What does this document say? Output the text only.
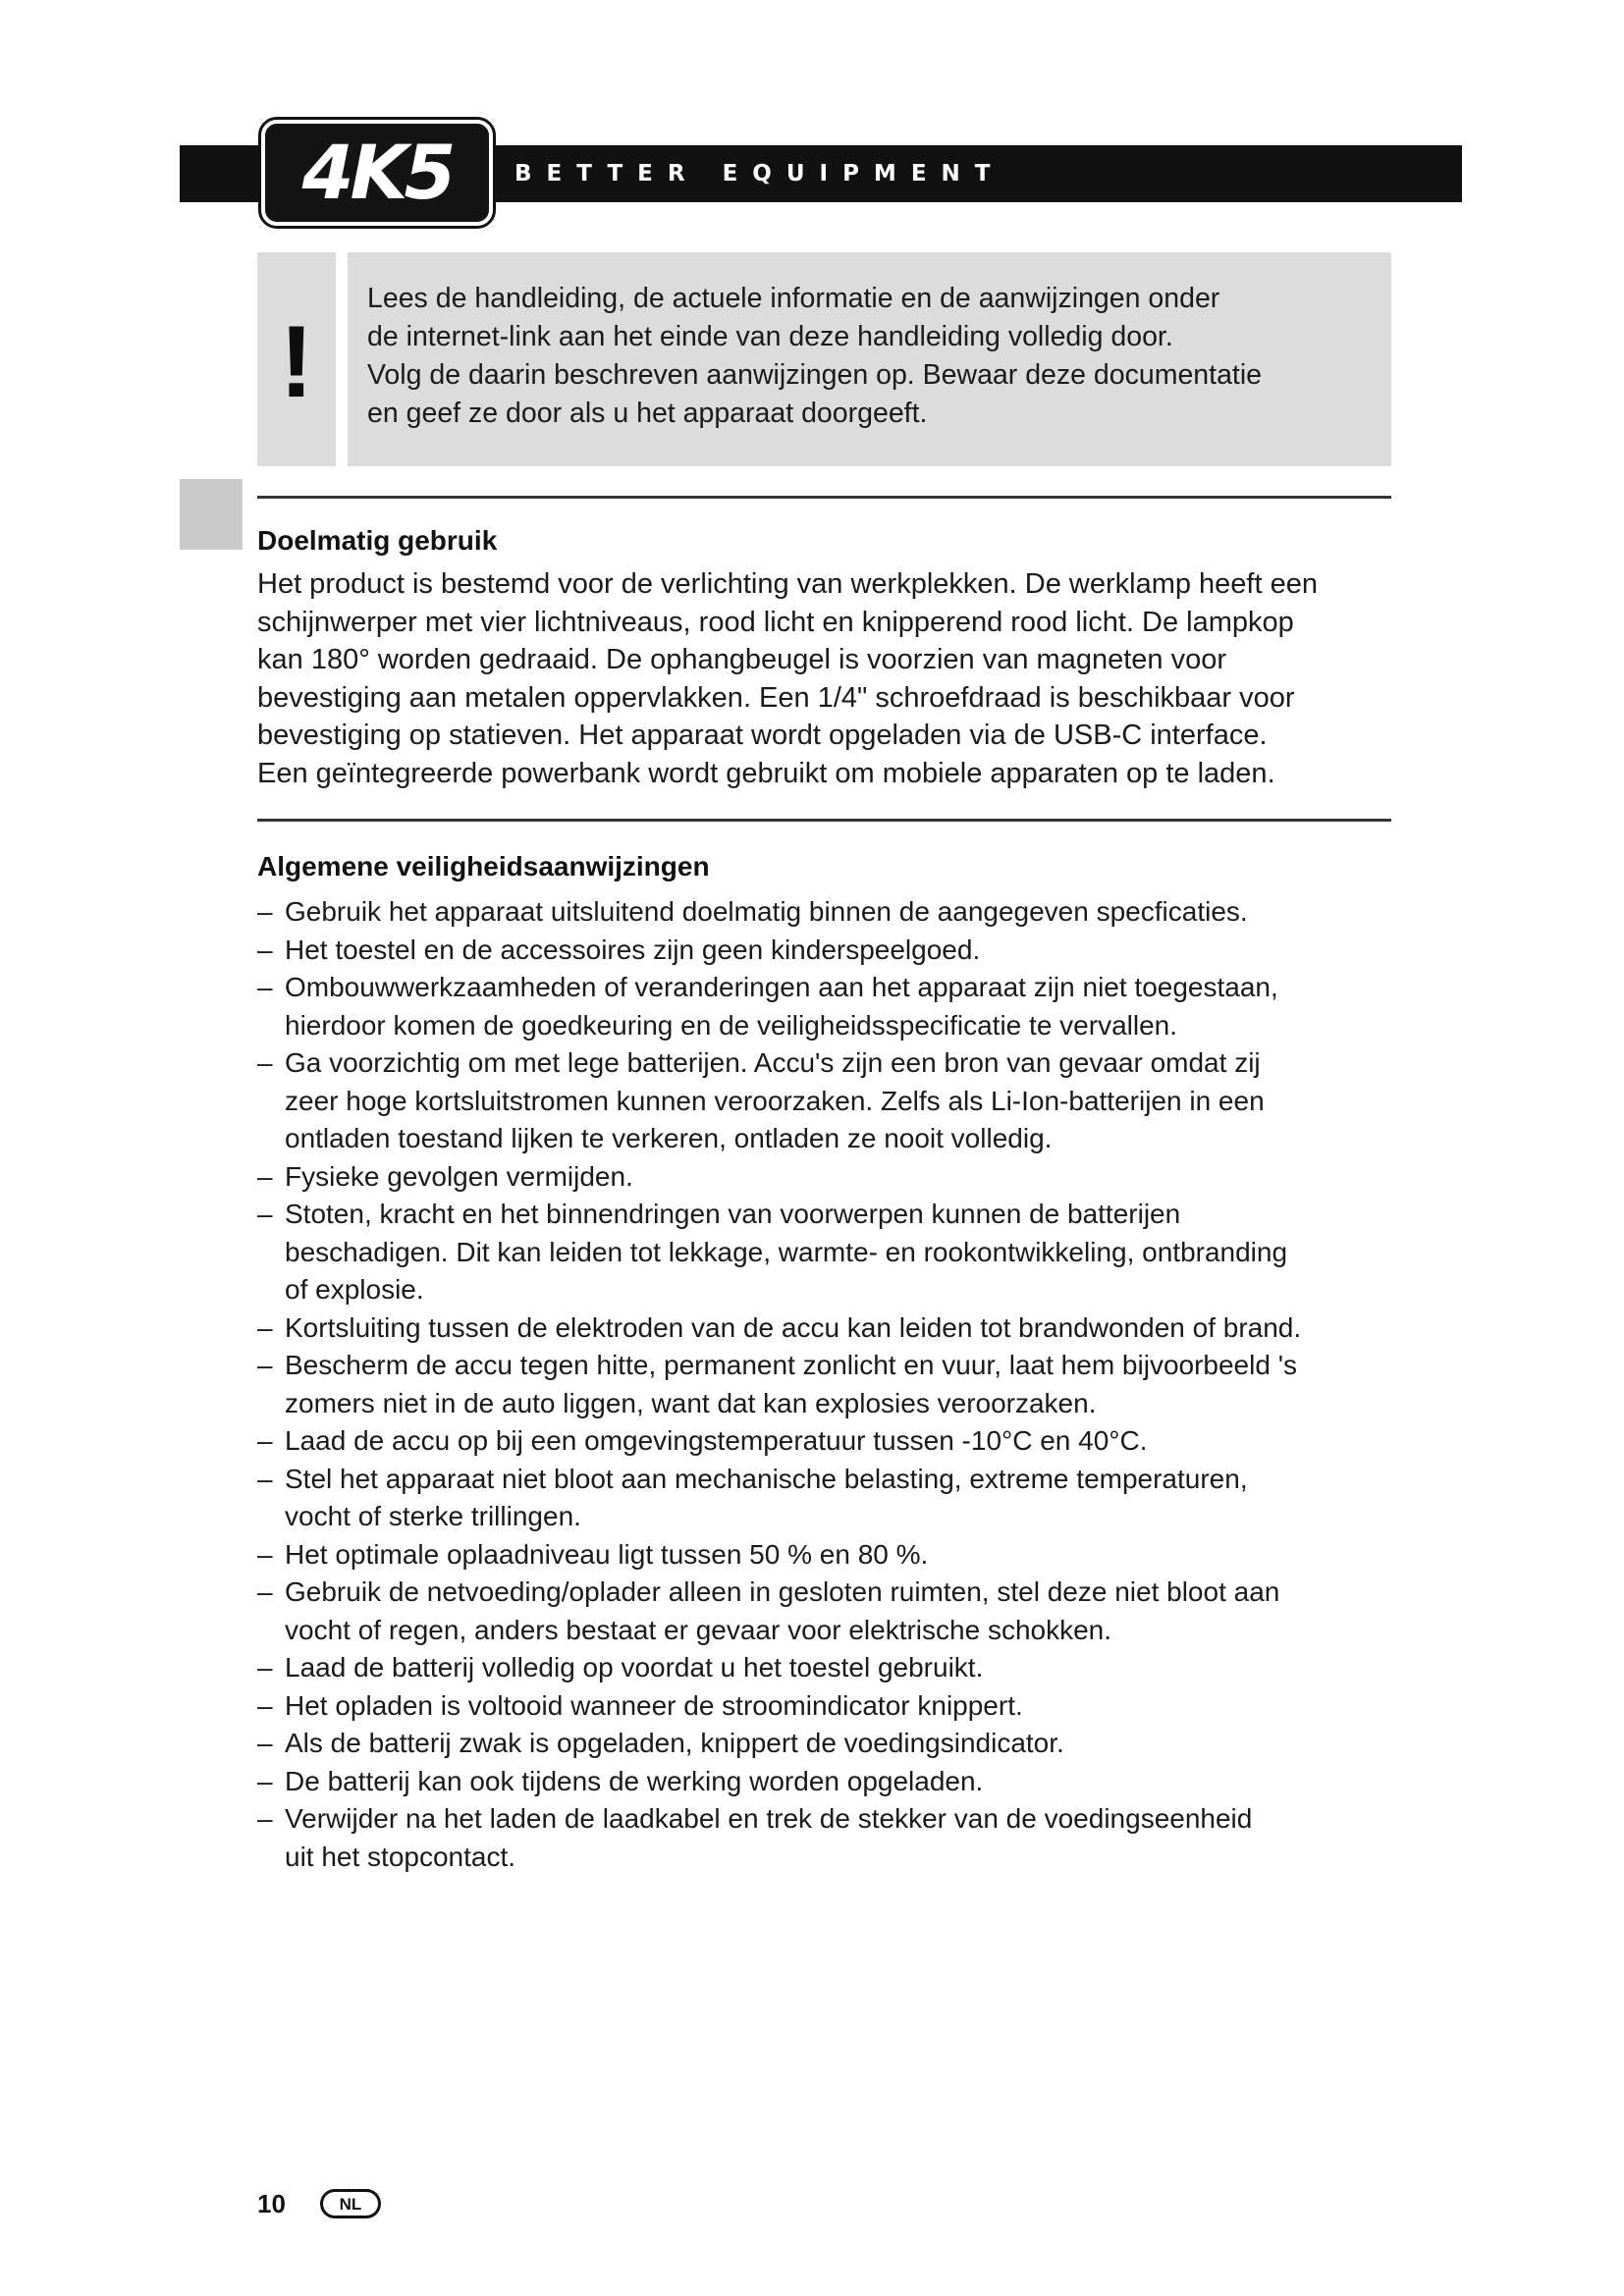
4K5	BETTER EQUIPMENT
!
Lees de handleiding, de actuele informatie en de aanwijzingen onder
de internet-link aan het einde van deze handleiding volledig door.
Volg de daarin beschreven aanwijzingen op. Bewaar deze documentatie
en geef ze door als u het apparaat doorgeeft.
Doelmatig gebruik
Het product is bestemd voor de verlichting van werkplekken. De werklamp heeft een
schijnwerper met vier lichtniveaus, rood licht en knipperend rood licht. De lampkop
kan 180° worden gedraaid. De ophangbeugel is voorzien van magneten voor
bevestiging aan metalen oppervlakken. Een 1/4" schroefdraad is beschikbaar voor
bevestiging op statieven. Het apparaat wordt opgeladen via de USB-C interface.
Een geïntegreerde powerbank wordt gebruikt om mobiele apparaten op te laden.
Algemene veiligheidsaanwijzingen
– Gebruik het apparaat uitsluitend doelmatig binnen de aangegeven specficaties.
– Het toestel en de accessoires zijn geen kinderspeelgoed.
– Ombouwwerkzaamheden of veranderingen aan het apparaat zijn niet toegestaan,
hierdoor komen de goedkeuring en de veiligheidsspecificatie te vervallen.
– Ga voorzichtig om met lege batterijen. Accu's zijn een bron van gevaar omdat zij
zeer hoge kortsluitstromen kunnen veroorzaken. Zelfs als Li-Ion-batterijen in een
ontladen toestand lijken te verkeren, ontladen ze nooit volledig.
– Fysieke gevolgen vermijden.
– Stoten, kracht en het binnendringen van voorwerpen kunnen de batterijen
beschadigen. Dit kan leiden tot lekkage, warmte- en rookontwikkeling, ontbranding
of explosie.
– Kortsluiting tussen de elektroden van de accu kan leiden tot brandwonden of brand.
– Bescherm de accu tegen hitte, permanent zonlicht en vuur, laat hem bijvoorbeeld 's
zomers niet in de auto liggen, want dat kan explosies veroorzaken.
– Laad de accu op bij een omgevingstemperatuur tussen -10°C en 40°C.
– Stel het apparaat niet bloot aan mechanische belasting, extreme temperaturen,
vocht of sterke trillingen.
– Het optimale oplaadniveau ligt tussen 50 % en 80 %.
– Gebruik de netvoeding/oplader alleen in gesloten ruimten, stel deze niet bloot aan
vocht of regen, anders bestaat er gevaar voor elektrische schokken.
– Laad de batterij volledig op voordat u het toestel gebruikt.
– Het opladen is voltooid wanneer de stroomindicator knippert.
– Als de batterij zwak is opgeladen, knippert de voedingsindicator.
– De batterij kan ook tijdens de werking worden opgeladen.
– Verwijder na het laden de laadkabel en trek de stekker van de voedingseenheid
uit het stopcontact.
10	NL
